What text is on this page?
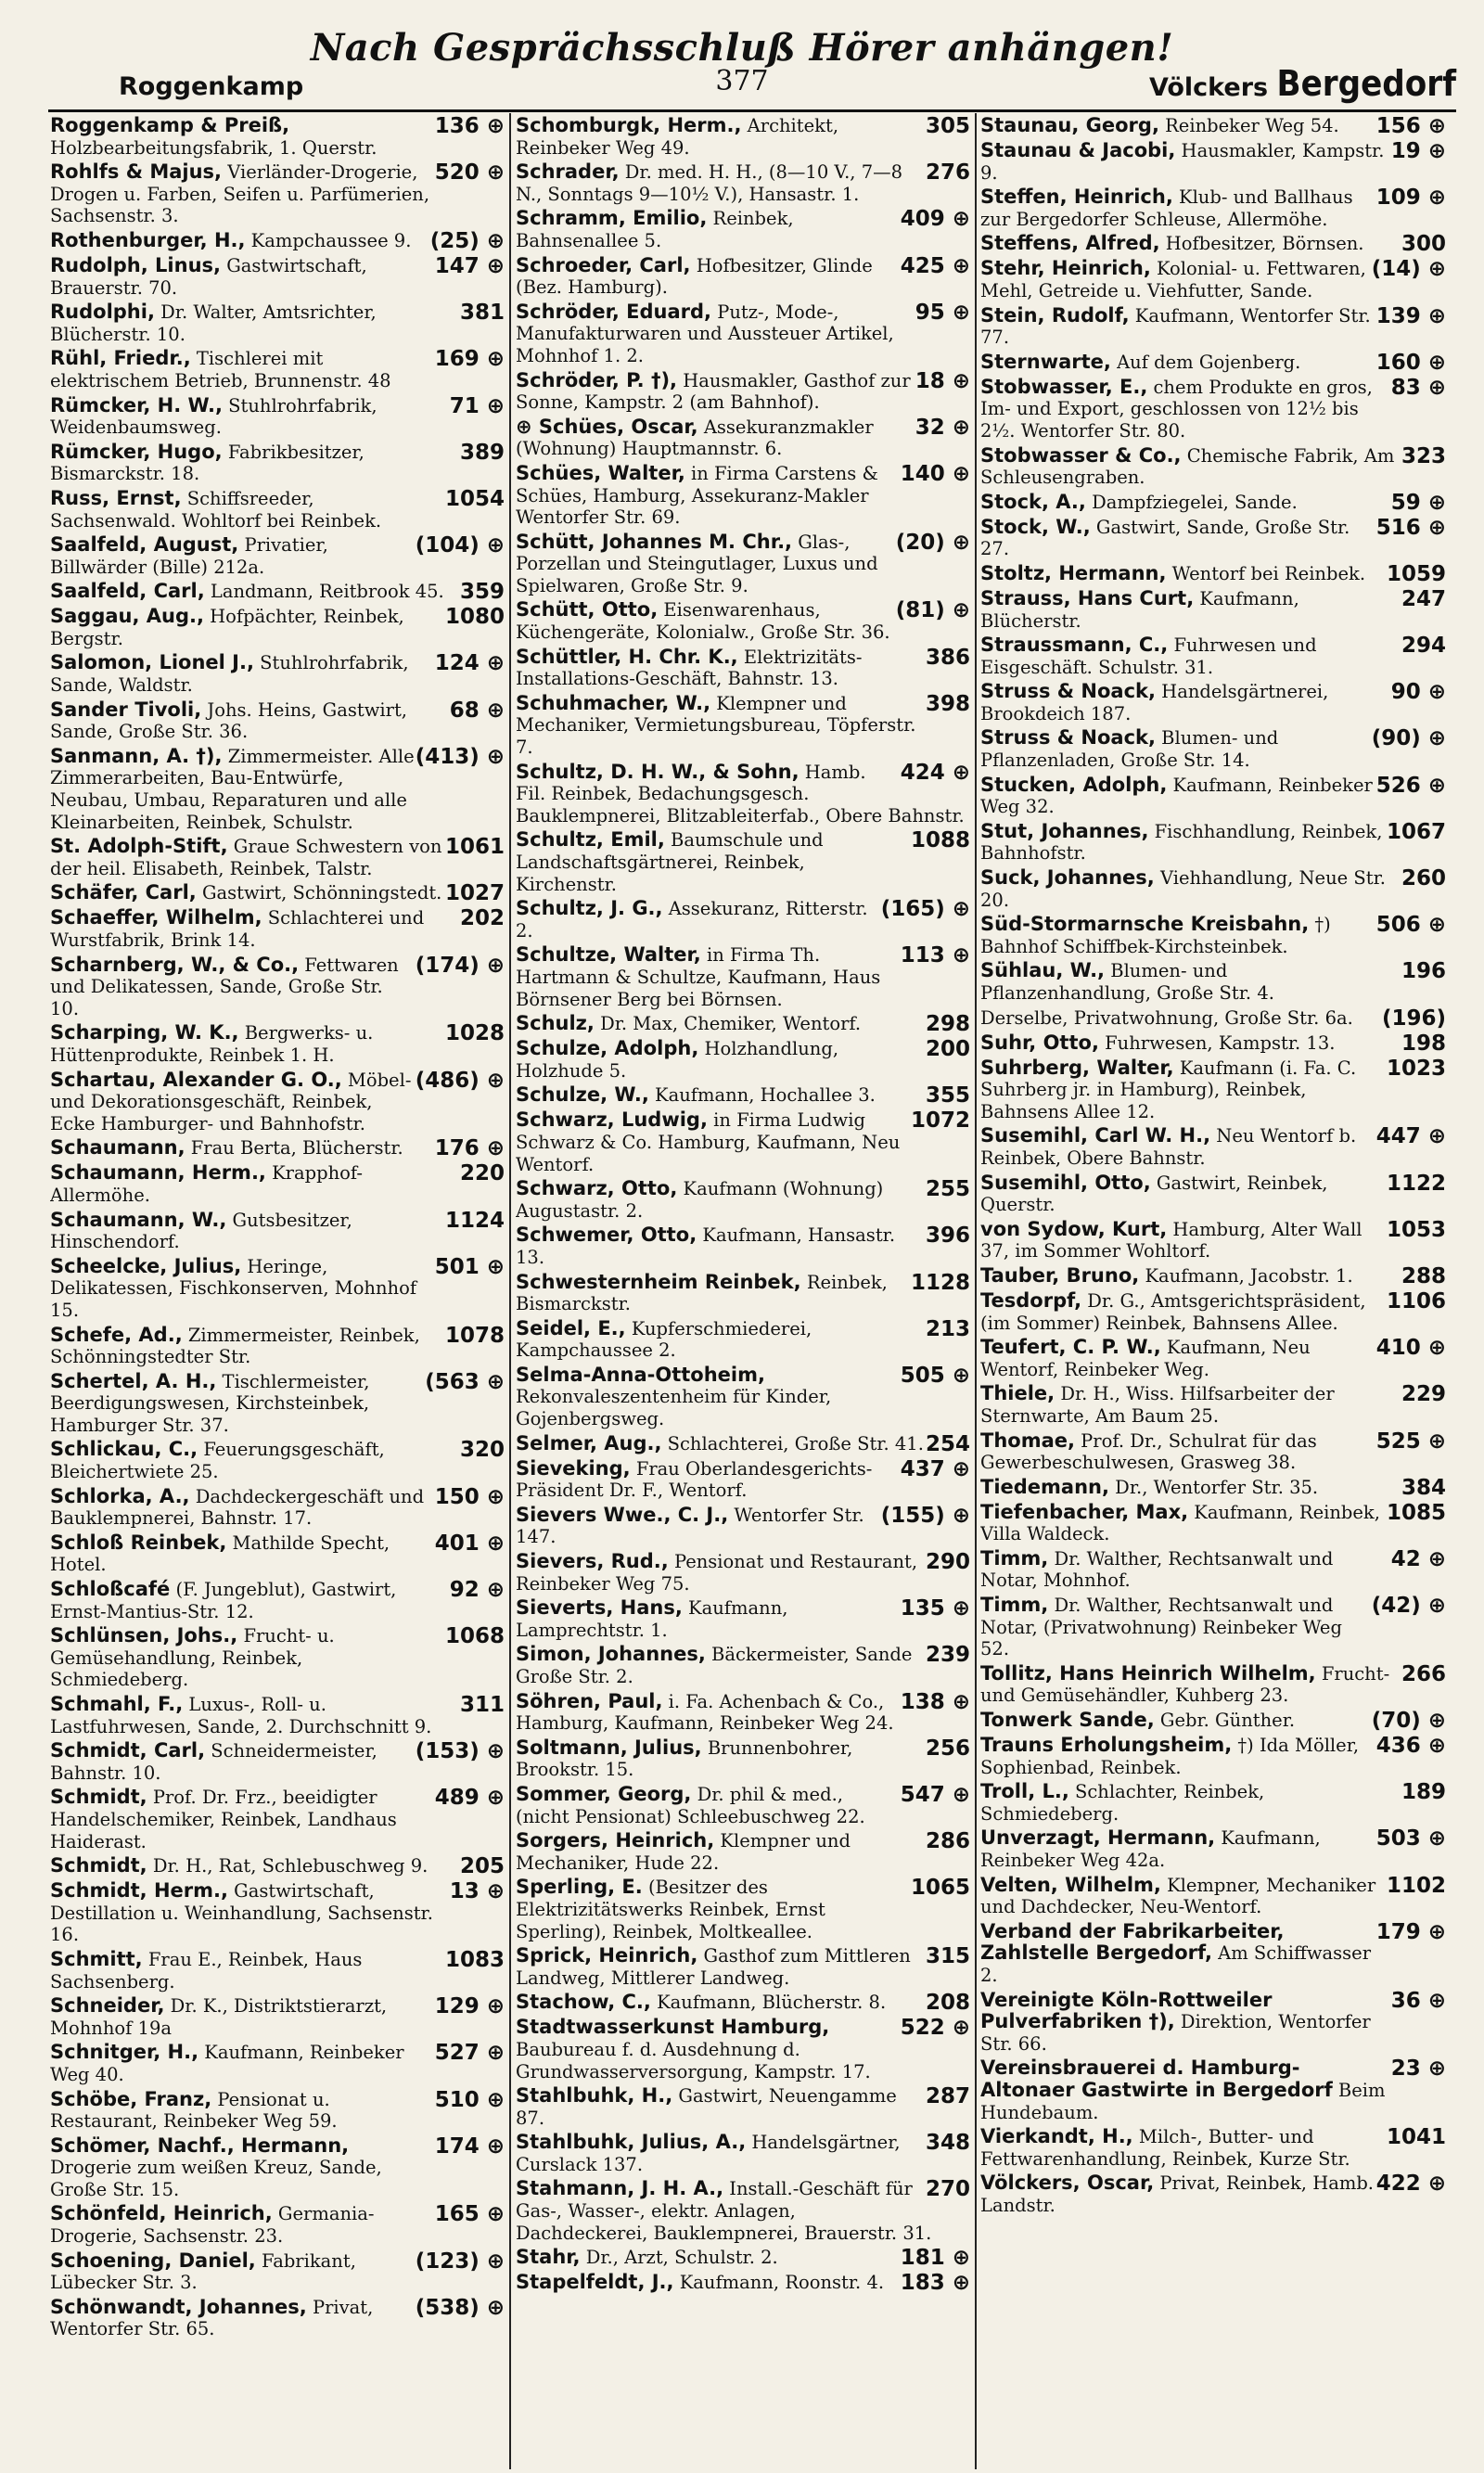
Nach Gesprächsschluß Hörer anhängen!
Roggenkamp	377	Völckers Bergedorf
136 ⊕
Roggenkamp & Preiß, Holzbearbeitungsfabrik, 1. Querstr.
520 ⊕
Rohlfs & Majus, Vierländer-Drogerie, Drogen u. Farben, Seifen u. Parfümerien, Sachsenstr. 3.
(25) ⊕
Rothenburger, H., Kampchaussee 9.
147 ⊕
Rudolph, Linus, Gastwirtschaft, Brauerstr. 70.
381
Rudolphi, Dr. Walter, Amtsrichter, Blücherstr. 10.
169 ⊕
Rühl, Friedr., Tischlerei mit elektrischem Betrieb, Brunnenstr. 48
71 ⊕
Rümcker, H. W., Stuhlrohrfabrik, Weidenbaumsweg.
389
Rümcker, Hugo, Fabrikbesitzer, Bismarckstr. 18.
1054
Russ, Ernst, Schiffsreeder, Sachsenwald. Wohltorf bei Reinbek.
(104) ⊕
Saalfeld, August, Privatier, Billwärder (Bille) 212a.
359
Saalfeld, Carl, Landmann, Reitbrook 45.
1080
Saggau, Aug., Hofpächter, Reinbek, Bergstr.
124 ⊕
Salomon, Lionel J., Stuhlrohrfabrik, Sande, Waldstr.
68 ⊕
Sander Tivoli, Johs. Heins, Gastwirt, Sande, Große Str. 36.
(413) ⊕
Sanmann, A. †), Zimmermeister. Alle Zimmerarbeiten, Bau-Entwürfe, Neubau, Umbau, Reparaturen und alle Kleinarbeiten, Reinbek, Schulstr.
1061
St. Adolph-Stift, Graue Schwestern von der heil. Elisabeth, Reinbek, Talstr.
1027
Schäfer, Carl, Gastwirt, Schönningstedt.
202
Schaeffer, Wilhelm, Schlachterei und Wurstfabrik, Brink 14.
(174) ⊕
Scharnberg, W., & Co., Fettwaren und Delikatessen, Sande, Große Str. 10.
1028
Scharping, W. K., Bergwerks- u. Hüttenprodukte, Reinbek 1. H.
(486) ⊕
Schartau, Alexander G. O., Möbel- und Dekorationsgeschäft, Reinbek, Ecke Hamburger- und Bahnhofstr.
176 ⊕
Schaumann, Frau Berta, Blücherstr.
220
Schaumann, Herm., Krapphof-Allermöhe.
1124
Schaumann, W., Gutsbesitzer, Hinschendorf.
501 ⊕
Scheelcke, Julius, Heringe, Delikatessen, Fischkonserven, Mohnhof 15.
1078
Schefe, Ad., Zimmermeister, Reinbek, Schönningstedter Str.
(563 ⊕
Schertel, A. H., Tischlermeister, Beerdigungswesen, Kirchsteinbek, Hamburger Str. 37.
320
Schlickau, C., Feuerungsgeschäft, Bleichertwiete 25.
150 ⊕
Schlorka, A., Dachdeckergeschäft und Bauklempnerei, Bahnstr. 17.
401 ⊕
Schloß Reinbek, Mathilde Specht, Hotel.
92 ⊕
Schloßcafé (F. Jungeblut), Gastwirt, Ernst-Mantius-Str. 12.
1068
Schlünsen, Johs., Frucht- u. Gemüsehandlung, Reinbek, Schmiedeberg.
311
Schmahl, F., Luxus-, Roll- u. Lastfuhrwesen, Sande, 2. Durchschnitt 9.
(153) ⊕
Schmidt, Carl, Schneidermeister, Bahnstr. 10.
489 ⊕
Schmidt, Prof. Dr. Frz., beeidigter Handelschemiker, Reinbek, Landhaus Haiderast.
205
Schmidt, Dr. H., Rat, Schlebuschweg 9.
13 ⊕
Schmidt, Herm., Gastwirtschaft, Destillation u. Weinhandlung, Sachsenstr. 16.
1083
Schmitt, Frau E., Reinbek, Haus Sachsenberg.
129 ⊕
Schneider, Dr. K., Distriktstierarzt, Mohnhof 19a
527 ⊕
Schnitger, H., Kaufmann, Reinbeker Weg 40.
510 ⊕
Schöbe, Franz, Pensionat u. Restaurant, Reinbeker Weg 59.
174 ⊕
Schömer, Nachf., Hermann, Drogerie zum weißen Kreuz, Sande, Große Str. 15.
165 ⊕
Schönfeld, Heinrich, Germania-Drogerie, Sachsenstr. 23.
(123) ⊕
Schoening, Daniel, Fabrikant, Lübecker Str. 3.
(538) ⊕
Schönwandt, Johannes, Privat, Wentorfer Str. 65.
305
Schomburgk, Herm., Architekt, Reinbeker Weg 49.
276
Schrader, Dr. med. H. H., (8—10 V., 7—8 N., Sonntags 9—10½ V.), Hansastr. 1.
409 ⊕
Schramm, Emilio, Reinbek, Bahnsenallee 5.
425 ⊕
Schroeder, Carl, Hofbesitzer, Glinde (Bez. Hamburg).
95 ⊕
Schröder, Eduard, Putz-, Mode-, Manufakturwaren und Aussteuer Artikel, Mohnhof 1. 2.
18 ⊕
Schröder, P. †), Hausmakler, Gasthof zur Sonne, Kampstr. 2 (am Bahnhof).
32 ⊕
⊕ Schües, Oscar, Assekuranzmakler (Wohnung) Hauptmannstr. 6.
140 ⊕
Schües, Walter, in Firma Carstens & Schües, Hamburg, Assekuranz-Makler Wentorfer Str. 69.
(20) ⊕
Schütt, Johannes M. Chr., Glas-, Porzellan und Steingutlager, Luxus und Spielwaren, Große Str. 9.
(81) ⊕
Schütt, Otto, Eisenwarenhaus, Küchengeräte, Kolonialw., Große Str. 36.
386
Schüttler, H. Chr. K., Elektrizitäts-Installations-Geschäft, Bahnstr. 13.
398
Schuhmacher, W., Klempner und Mechaniker, Vermietungsbureau, Töpferstr. 7.
424 ⊕
Schultz, D. H. W., & Sohn, Hamb. Fil. Reinbek, Bedachungsgesch. Bauklempnerei, Blitzableiterfab., Obere Bahnstr.
1088
Schultz, Emil, Baumschule und Landschaftsgärtnerei, Reinbek, Kirchenstr.
(165) ⊕
Schultz, J. G., Assekuranz, Ritterstr. 2.
113 ⊕
Schultze, Walter, in Firma Th. Hartmann & Schultze, Kaufmann, Haus Börnsener Berg bei Börnsen.
298
Schulz, Dr. Max, Chemiker, Wentorf.
200
Schulze, Adolph, Holzhandlung, Holzhude 5.
355
Schulze, W., Kaufmann, Hochallee 3.
1072
Schwarz, Ludwig, in Firma Ludwig Schwarz & Co. Hamburg, Kaufmann, Neu Wentorf.
255
Schwarz, Otto, Kaufmann (Wohnung) Augustastr. 2.
396
Schwemer, Otto, Kaufmann, Hansastr. 13.
1128
Schwesternheim Reinbek, Reinbek, Bismarckstr.
213
Seidel, E., Kupferschmiederei, Kampchaussee 2.
505 ⊕
Selma-Anna-Ottoheim, Rekonvaleszentenheim für Kinder, Gojenbergsweg.
254
Selmer, Aug., Schlachterei, Große Str. 41.
437 ⊕
Sieveking, Frau Oberlandesgerichts-Präsident Dr. F., Wentorf.
(155) ⊕
Sievers Wwe., C. J., Wentorfer Str. 147.
290
Sievers, Rud., Pensionat und Restaurant, Reinbeker Weg 75.
135 ⊕
Sieverts, Hans, Kaufmann, Lamprechtstr. 1.
239
Simon, Johannes, Bäckermeister, Sande Große Str. 2.
138 ⊕
Söhren, Paul, i. Fa. Achenbach & Co., Hamburg, Kaufmann, Reinbeker Weg 24.
256
Soltmann, Julius, Brunnenbohrer, Brookstr. 15.
547 ⊕
Sommer, Georg, Dr. phil & med., (nicht Pensionat) Schleebuschweg 22.
286
Sorgers, Heinrich, Klempner und Mechaniker, Hude 22.
1065
Sperling, E. (Besitzer des Elektrizitätswerks Reinbek, Ernst Sperling), Reinbek, Moltkeallee.
315
Sprick, Heinrich, Gasthof zum Mittleren Landweg, Mittlerer Landweg.
208
Stachow, C., Kaufmann, Blücherstr. 8.
522 ⊕
Stadtwasserkunst Hamburg, Baubureau f. d. Ausdehnung d. Grundwasserversorgung, Kampstr. 17.
287
Stahlbuhk, H., Gastwirt, Neuengamme 87.
348
Stahlbuhk, Julius, A., Handelsgärtner, Curslack 137.
270
Stahmann, J. H. A., Install.-Geschäft für Gas-, Wasser-, elektr. Anlagen, Dachdeckerei, Bauklempnerei, Brauerstr. 31.
181 ⊕
Stahr, Dr., Arzt, Schulstr. 2.
183 ⊕
Stapelfeldt, J., Kaufmann, Roonstr. 4.
156 ⊕
Staunau, Georg, Reinbeker Weg 54.
19 ⊕
Staunau & Jacobi, Hausmakler, Kampstr. 9.
109 ⊕
Steffen, Heinrich, Klub- und Ballhaus zur Bergedorfer Schleuse, Allermöhe.
300
Steffens, Alfred, Hofbesitzer, Börnsen.
(14) ⊕
Stehr, Heinrich, Kolonial- u. Fettwaren, Mehl, Getreide u. Viehfutter, Sande.
139 ⊕
Stein, Rudolf, Kaufmann, Wentorfer Str. 77.
160 ⊕
Sternwarte, Auf dem Gojenberg.
83 ⊕
Stobwasser, E., chem Produkte en gros, Im- und Export, geschlossen von 12½ bis 2½. Wentorfer Str. 80.
323
Stobwasser & Co., Chemische Fabrik, Am Schleusengraben.
59 ⊕
Stock, A., Dampfziegelei, Sande.
516 ⊕
Stock, W., Gastwirt, Sande, Große Str. 27.
1059
Stoltz, Hermann, Wentorf bei Reinbek.
247
Strauss, Hans Curt, Kaufmann, Blücherstr.
294
Straussmann, C., Fuhrwesen und Eisgeschäft. Schulstr. 31.
90 ⊕
Struss & Noack, Handelsgärtnerei, Brookdeich 187.
(90) ⊕
Struss & Noack, Blumen- und Pflanzenladen, Große Str. 14.
526 ⊕
Stucken, Adolph, Kaufmann, Reinbeker Weg 32.
1067
Stut, Johannes, Fischhandlung, Reinbek, Bahnhofstr.
260
Suck, Johannes, Viehhandlung, Neue Str. 20.
506 ⊕
Süd-Stormarnsche Kreisbahn, †) Bahnhof Schiffbek-Kirchsteinbek.
196
Sühlau, W., Blumen- und Pflanzenhandlung, Große Str. 4.
(196)
Derselbe, Privatwohnung, Große Str. 6a.
198
Suhr, Otto, Fuhrwesen, Kampstr. 13.
1023
Suhrberg, Walter, Kaufmann (i. Fa. C. Suhrberg jr. in Hamburg), Reinbek, Bahnsens Allee 12.
447 ⊕
Susemihl, Carl W. H., Neu Wentorf b. Reinbek, Obere Bahnstr.
1122
Susemihl, Otto, Gastwirt, Reinbek, Querstr.
1053
von Sydow, Kurt, Hamburg, Alter Wall 37, im Sommer Wohltorf.
288
Tauber, Bruno, Kaufmann, Jacobstr. 1.
1106
Tesdorpf, Dr. G., Amtsgerichtspräsident, (im Sommer) Reinbek, Bahnsens Allee.
410 ⊕
Teufert, C. P. W., Kaufmann, Neu Wentorf, Reinbeker Weg.
229
Thiele, Dr. H., Wiss. Hilfsarbeiter der Sternwarte, Am Baum 25.
525 ⊕
Thomae, Prof. Dr., Schulrat für das Gewerbeschulwesen, Grasweg 38.
384
Tiedemann, Dr., Wentorfer Str. 35.
1085
Tiefenbacher, Max, Kaufmann, Reinbek, Villa Waldeck.
42 ⊕
Timm, Dr. Walther, Rechtsanwalt und Notar, Mohnhof.
(42) ⊕
Timm, Dr. Walther, Rechtsanwalt und Notar, (Privatwohnung) Reinbeker Weg 52.
266
Tollitz, Hans Heinrich Wilhelm, Frucht- und Gemüsehändler, Kuhberg 23.
(70) ⊕
Tonwerk Sande, Gebr. Günther.
436 ⊕
Trauns Erholungsheim, †) Ida Möller, Sophienbad, Reinbek.
189
Troll, L., Schlachter, Reinbek, Schmiedeberg.
503 ⊕
Unverzagt, Hermann, Kaufmann, Reinbeker Weg 42a.
1102
Velten, Wilhelm, Klempner, Mechaniker und Dachdecker, Neu-Wentorf.
179 ⊕
Verband der Fabrikarbeiter, Zahlstelle Bergedorf, Am Schiffwasser 2.
36 ⊕
Vereinigte Köln-Rottweiler Pulverfabriken †), Direktion, Wentorfer Str. 66.
23 ⊕
Vereinsbrauerei d. Hamburg-Altonaer Gastwirte in Bergedorf Beim Hundebaum.
1041
Vierkandt, H., Milch-, Butter- und Fettwarenhandlung, Reinbek, Kurze Str.
422 ⊕
Völckers, Oscar, Privat, Reinbek, Hamb. Landstr.
